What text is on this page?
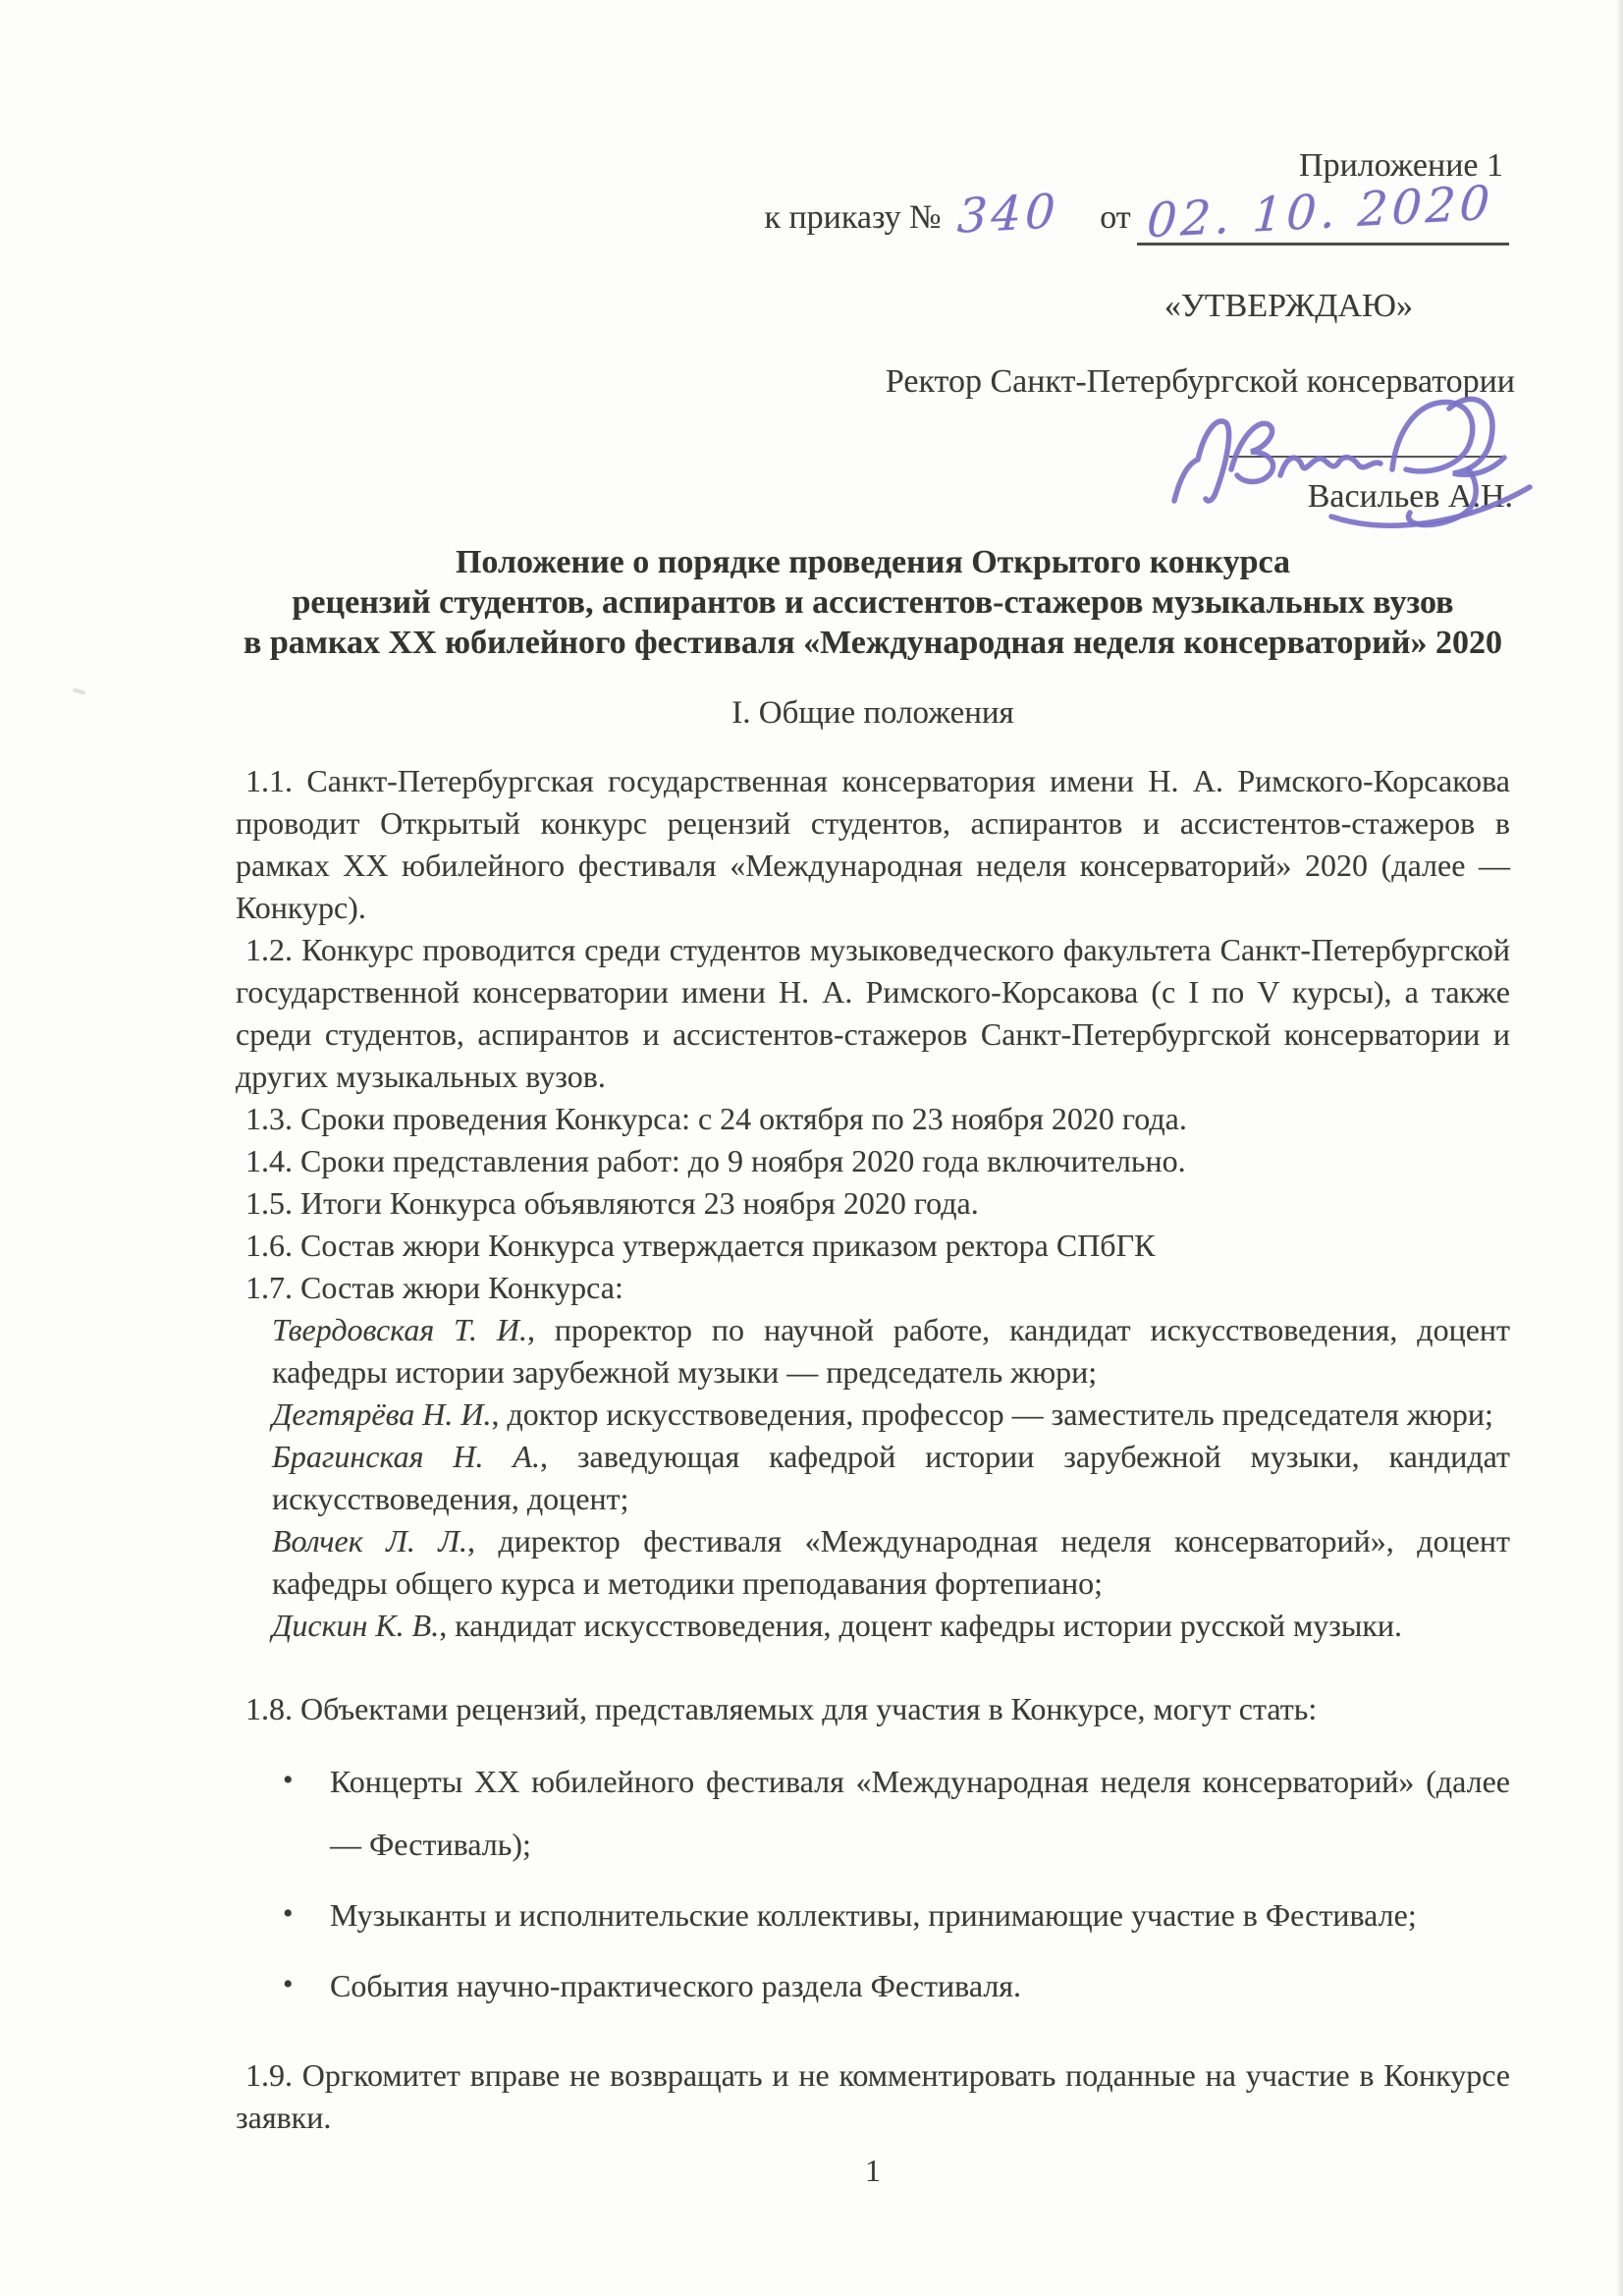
Приложение 1
к приказу № 340 от 02. 10. 2020
«УТВЕРЖДАЮ»
Ректор Санкт-Петербургской консерватории
Васильев А.Н.

Положение о порядке проведения Открытого конкурса
рецензий студентов, аспирантов и ассистентов-стажеров музыкальных вузов
в рамках XX юбилейного фестиваля «Международная неделя консерваторий» 2020

I. Общие положения

1.1. Санкт-Петербургская государственная консерватория имени Н. А. Римского-Корсакова проводит Открытый конкурс рецензий студентов, аспирантов и ассистентов-стажеров в рамках XX юбилейного фестиваля «Международная неделя консерваторий» 2020 (далее — Конкурс).

1.2. Конкурс проводится среди студентов музыковедческого факультета Санкт-Петербургской государственной консерватории имени Н. А. Римского-Корсакова (с I по V курсы), а также среди студентов, аспирантов и ассистентов-стажеров Санкт-Петербургской консерватории и других музыкальных вузов.

1.3. Сроки проведения Конкурса: с 24 октября по 23 ноября 2020 года.

1.4. Сроки представления работ: до 9 ноября 2020 года включительно.

1.5. Итоги Конкурса объявляются 23 ноября 2020 года.

1.6. Состав жюри Конкурса утверждается приказом ректора СПбГК

1.7. Состав жюри Конкурса:

Твердовская Т. И., проректор по научной работе, кандидат искусствоведения, доцент кафедры истории зарубежной музыки — председатель жюри;

Дегтярёва Н. И., доктор искусствоведения, профессор — заместитель председателя жюри;

Брагинская Н. А., заведующая кафедрой истории зарубежной музыки, кандидат искусствоведения, доцент;

Волчек Л. Л., директор фестиваля «Международная неделя консерваторий», доцент кафедры общего курса и методики преподавания фортепиано;

Дискин К. В., кандидат искусствоведения, доцент кафедры истории русской музыки.

1.8. Объектами рецензий, представляемых для участия в Конкурсе, могут стать:

• Концерты XX юбилейного фестиваля «Международная неделя консерваторий» (далее — Фестиваль);

• Музыканты и исполнительские коллективы, принимающие участие в Фестивале;

• События научно-практического раздела Фестиваля.

1.9. Оргкомитет вправе не возвращать и не комментировать поданные на участие в Конкурсе заявки.

1
